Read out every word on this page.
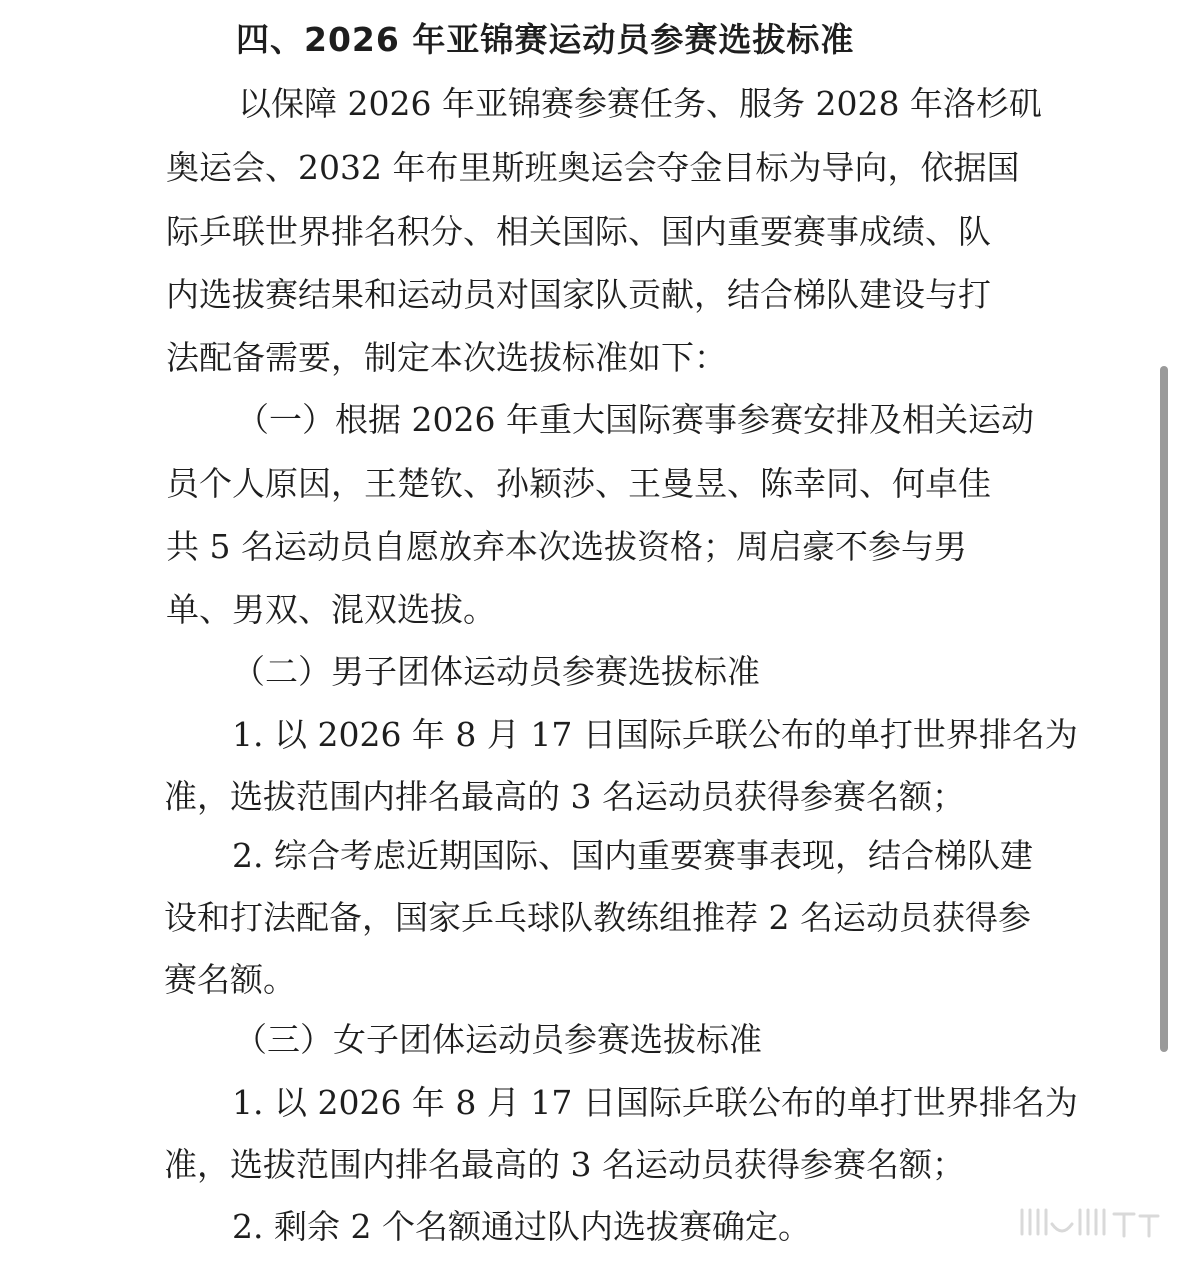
四、2026 年亚锦赛运动员参赛选拔标准
以保障 2026 年亚锦赛参赛任务、服务 2028 年洛杉矶
奥运会、2032 年布里斯班奥运会夺金目标为导向，依据国
际乒联世界排名积分、相关国际、国内重要赛事成绩、队
内选拔赛结果和运动员对国家队贡献，结合梯队建设与打
法配备需要，制定本次选拔标准如下：
（一）根据 2026 年重大国际赛事参赛安排及相关运动
员个人原因，王楚钦、孙颖莎、王曼昱、陈幸同、何卓佳
共 5 名运动员自愿放弃本次选拔资格；周启豪不参与男
单、男双、混双选拔。
（二）男子团体运动员参赛选拔标准
1. 以 2026 年 8 月 17 日国际乒联公布的单打世界排名为
准，选拔范围内排名最高的 3 名运动员获得参赛名额；
2. 综合考虑近期国际、国内重要赛事表现，结合梯队建
设和打法配备，国家乒乓球队教练组推荐 2 名运动员获得参
赛名额。
（三）女子团体运动员参赛选拔标准
1. 以 2026 年 8 月 17 日国际乒联公布的单打世界排名为
准，选拔范围内排名最高的 3 名运动员获得参赛名额；
2. 剩余 2 个名额通过队内选拔赛确定。
